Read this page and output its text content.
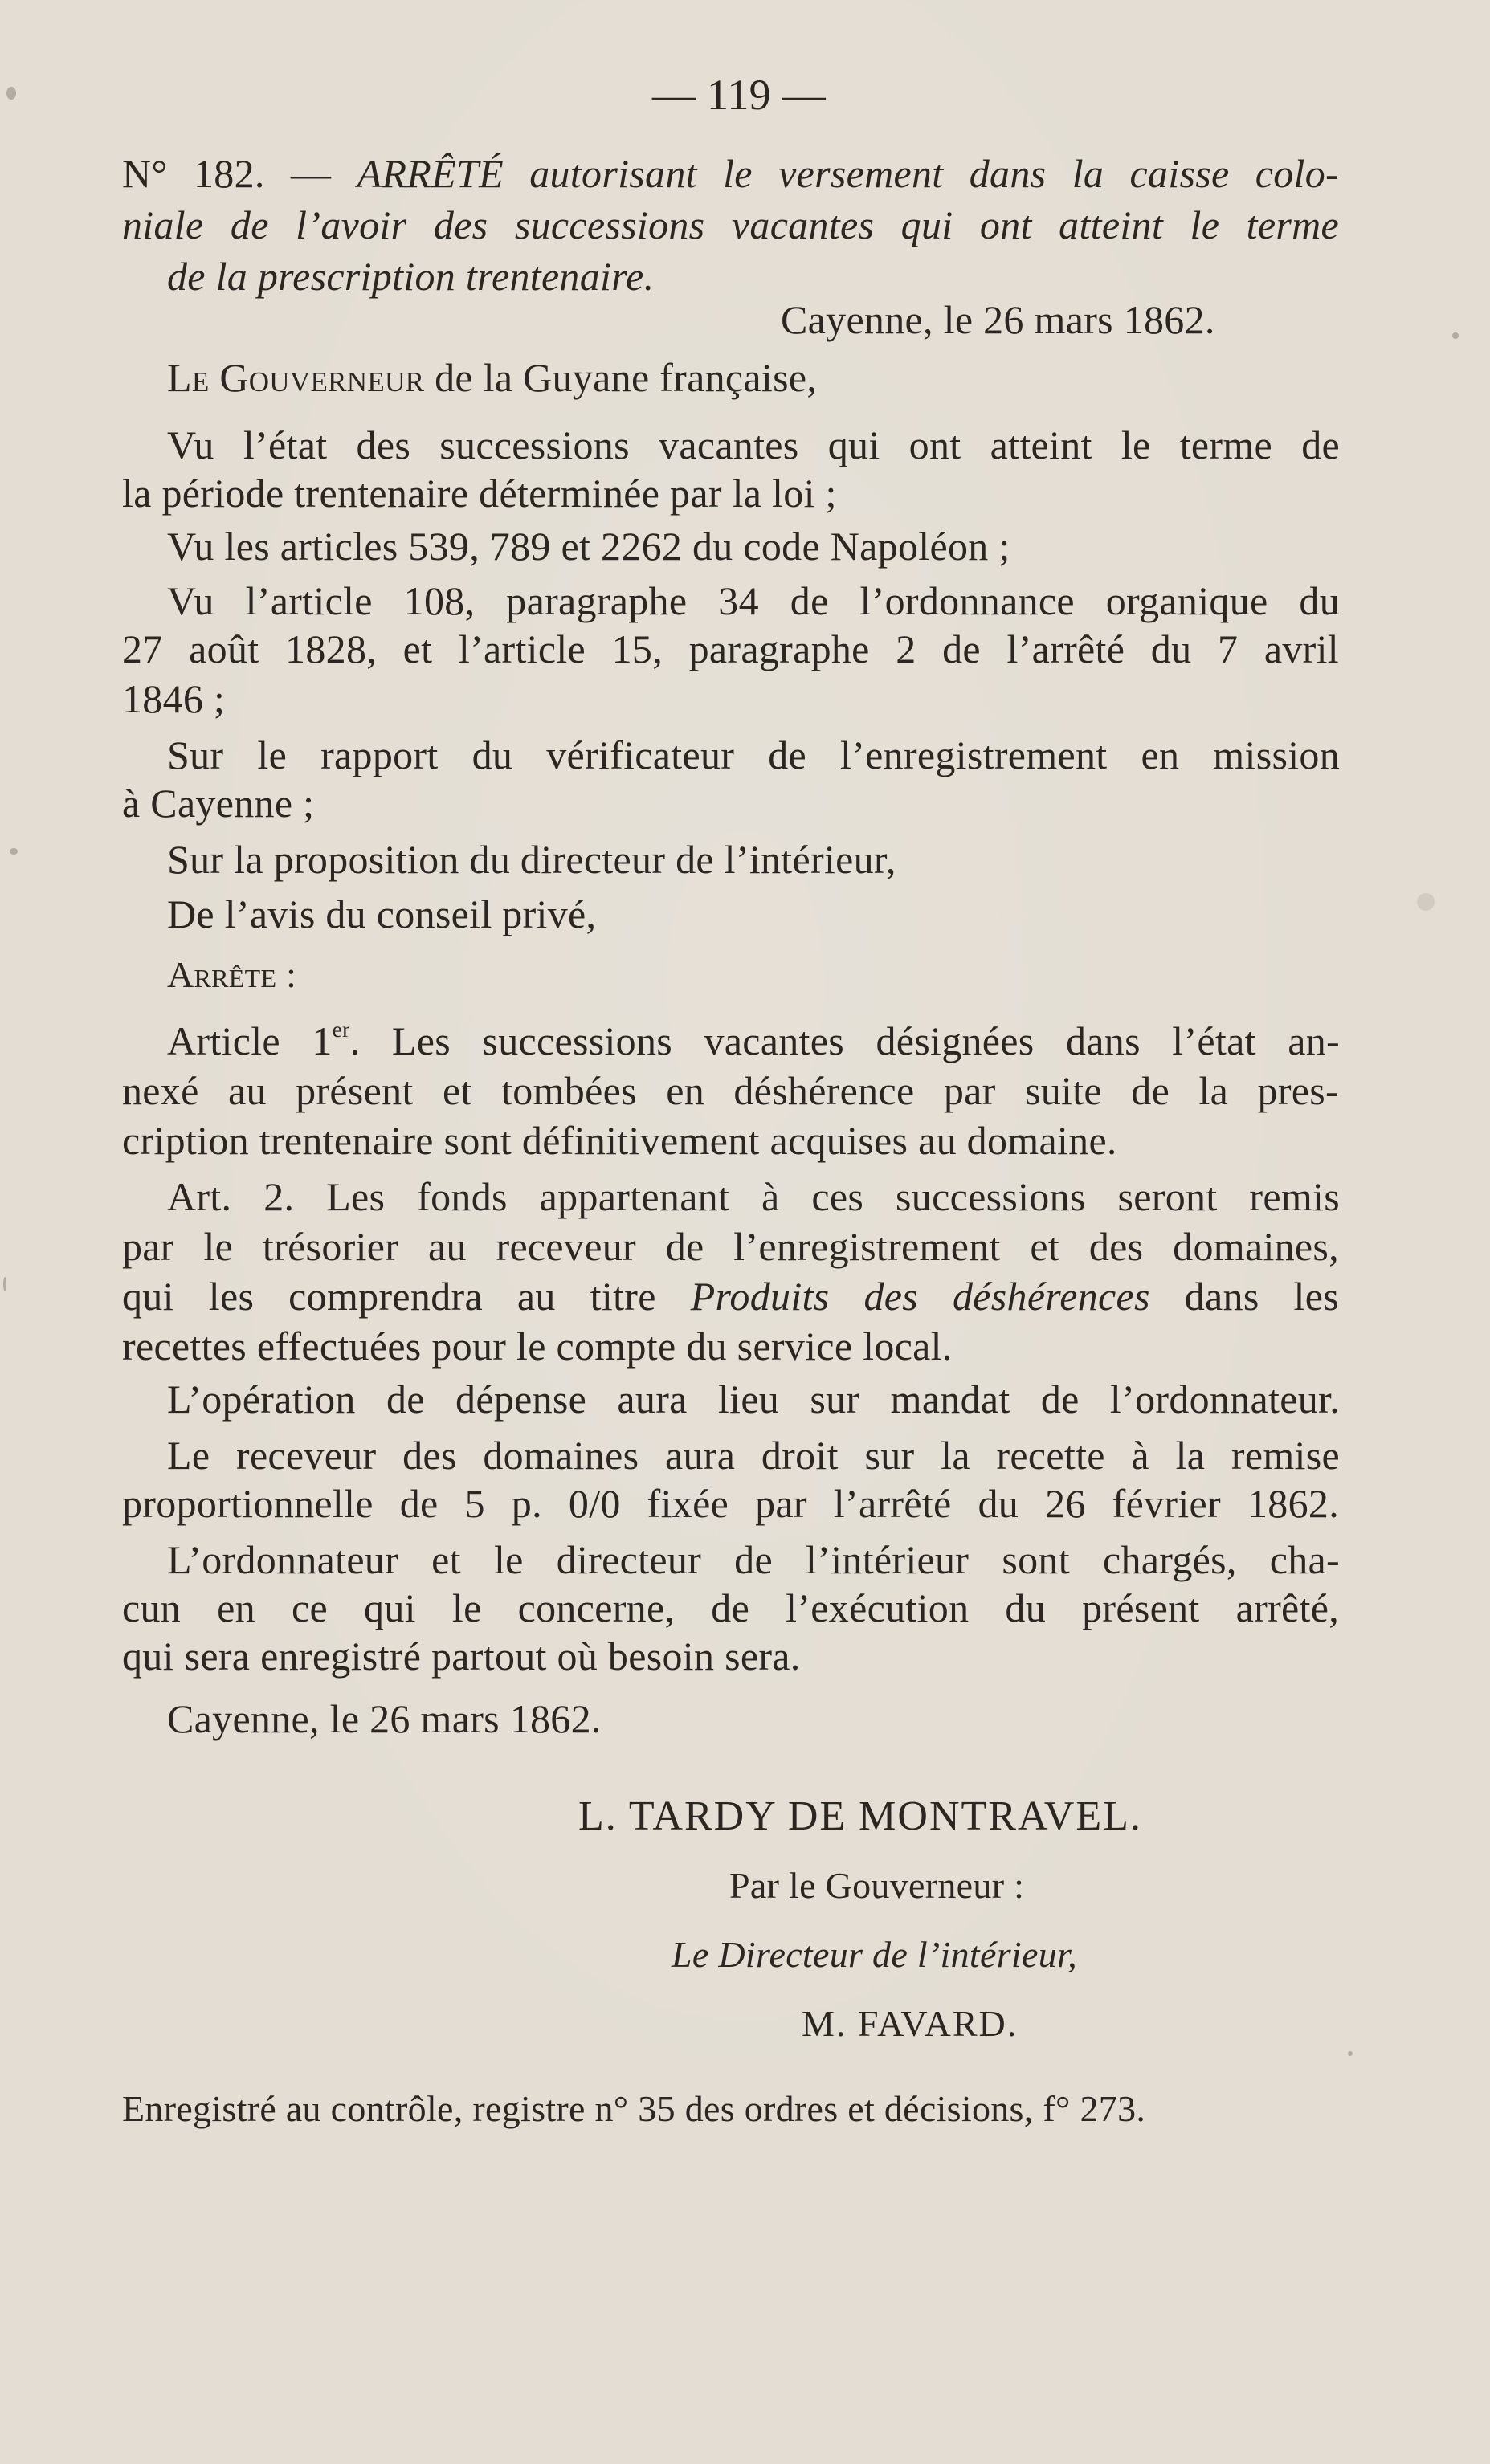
— 119 —
N° 182. — ARRÊTÉ autorisant le versement dans la caisse colo-
niale de l’avoir des successions vacantes qui ont atteint le terme
de la prescription trentenaire.
Cayenne, le 26 mars 1862.
Le Gouverneur de la Guyane française,
Vu l’état des successions vacantes qui ont atteint le terme de
la période trentenaire déterminée par la loi ;
Vu les articles 539, 789 et 2262 du code Napoléon ;
Vu l’article 108, paragraphe 34 de l’ordonnance organique du
27 août 1828, et l’article 15, paragraphe 2 de l’arrêté du 7 avril
1846 ;
Sur le rapport du vérificateur de l’enregistrement en mission
à Cayenne ;
Sur la proposition du directeur de l’intérieur,
De l’avis du conseil privé,
Arrête :
Article 1er. Les successions vacantes désignées dans l’état an-
nexé au présent et tombées en déshérence par suite de la pres-
cription trentenaire sont définitivement acquises au domaine.
Art. 2. Les fonds appartenant à ces successions seront remis
par le trésorier au receveur de l’enregistrement et des domaines,
qui les comprendra au titre Produits des déshérences dans les
recettes effectuées pour le compte du service local.
L’opération de dépense aura lieu sur mandat de l’ordonnateur.
Le receveur des domaines aura droit sur la recette à la remise
proportionnelle de 5 p. 0/0 fixée par l’arrêté du 26 février 1862.
L’ordonnateur et le directeur de l’intérieur sont chargés, cha-
cun en ce qui le concerne, de l’exécution du présent arrêté,
qui sera enregistré partout où besoin sera.
Cayenne, le 26 mars 1862.
L. TARDY DE MONTRAVEL.
Par le Gouverneur :
Le Directeur de l’intérieur,
M. FAVARD.
Enregistré au contrôle, registre n° 35 des ordres et décisions, f° 273.
